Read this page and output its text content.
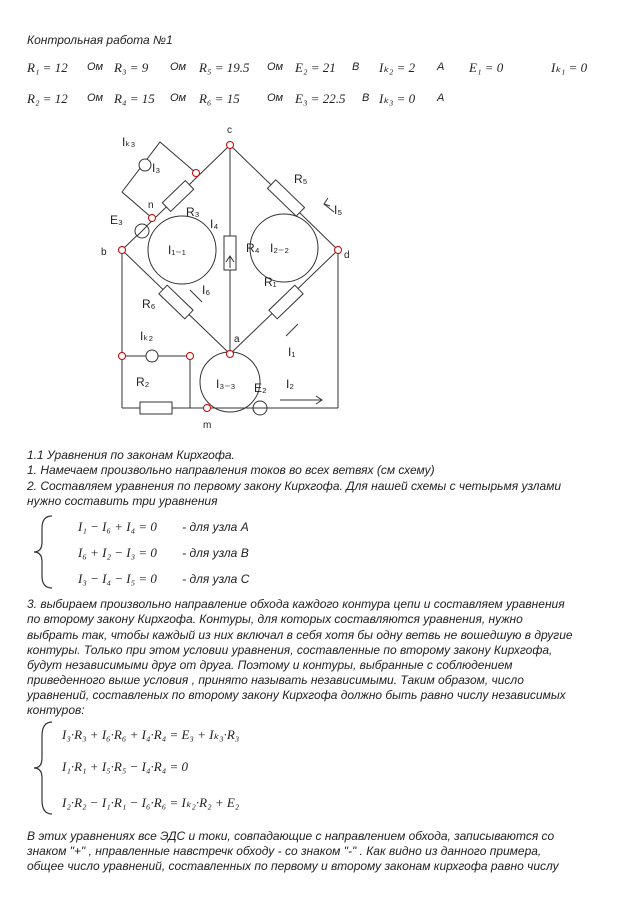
Контрольная работа №1
R₁ = 12 Ом R₃ = 9 Ом R₅ = 19.5 Ом E₂ = 21 B Iₖ₂ = 2 A E₁ = 0	Iₖ₁ = 0
R₂ = 12 Ом R₄ = 15 Ом R₆ = 15 Ом E₃ = 22.5 B Iₖ₃ = 0 A
c
b	d
a
m
n	R₃
R₅
R₁
R₆
R₄
R₂
E₃
E₂
I₁
I₂
I₃
I₄
I₅
I₆
Iₖ₂
Iₖ₃
I₁₋₁	I₂₋₂
I₃₋₃
1.1 Уравнения по законам Кирхгофа.
1. Намечаем произвольно направления токов во всех ветвях (см схему)
2. Составляем уравнения по первому закону Кирхгофа. Для нашей схемы с четырьмя узлами
нужно составить три уравнения
I₁ − I₆ + I₄ = 0 - для узла А
I₆ + I₂ − I₃ = 0 - для узла В
I₃ − I₄ − I₅ = 0 - для узла С
3. выбираем произвольно направление обхода каждого контура цепи и составляем уравнения
по второму закону Кирхгофа. Контуры, для которых составляются уравнения, нужно
выбрать так, чтобы каждый из них включал в себя хотя бы одну ветвь не вошедшую в другие
контуры. Только при этом условии уравнения, составленные по второму закону Кирхгофа,
будут независимыми друг от друга. Поэтому и контуры, выбранные с соблюдением
приведенного выше условия , принято называть независимыми. Таким образом, число
уравнений, составленых по второму закону Кирхгофа должно быть равно числу независимых
контуров:
I₃·R₃ + I₆·R₆ + I₄·R₄ = E₃ + Iₖ₃·R₃
I₁·R₁ + I₅·R₅ − I₄·R₄ = 0
I₂·R₂ − I₁·R₁ − I₆·R₆ = Iₖ₂·R₂ + E₂
В этих уравнениях все ЭДС и токи, совпадающие с направлением обхода, записываются со
знаком "+" , нправленные навстречк обходу - со знаком "-" . Как видно из данного примера,
общее число уравнений, составленных по первому и второму законам кирхгофа равно числу
